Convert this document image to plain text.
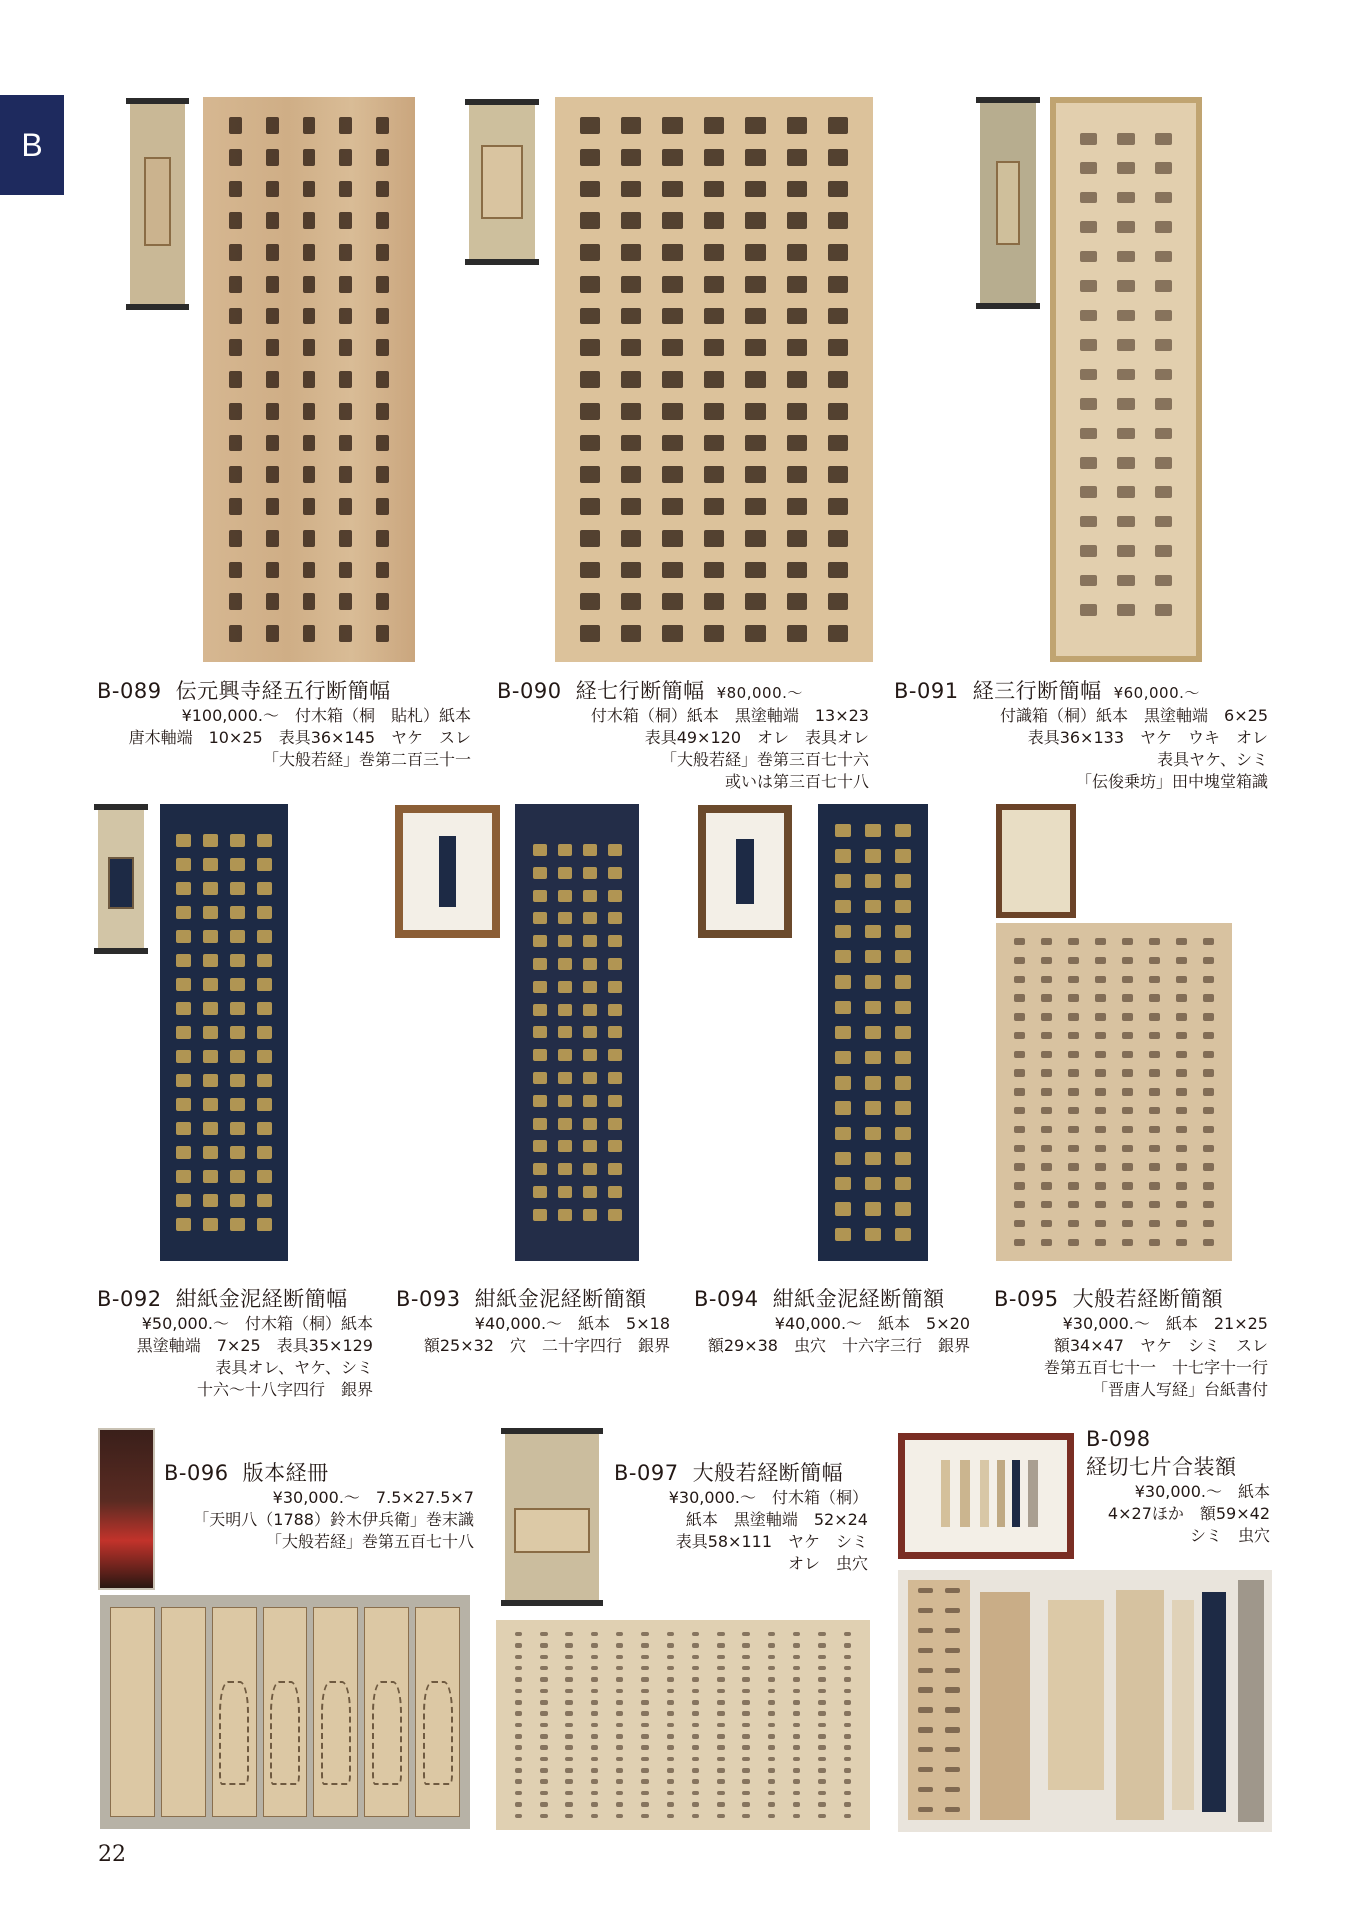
B
22
B-089 伝元興寺経五行断簡幅
¥100,000.〜　付木箱（桐　貼札）紙本
唐木軸端　10×25　表具36×145　ヤケ　スレ
「大般若経」巻第二百三十一
B-090 経七行断簡幅 ¥80,000.〜
付木箱（桐）紙本　黒塗軸端　13×23
表具49×120　オレ　表具オレ
「大般若経」巻第三百七十六
或いは第三百七十八
B-091 経三行断簡幅 ¥60,000.〜
付識箱（桐）紙本　黒塗軸端　6×25
表具36×133　ヤケ　ウキ　オレ
表具ヤケ、シミ
「伝俊乗坊」田中塊堂箱識
B-092 紺紙金泥経断簡幅
¥50,000.〜　付木箱（桐）紙本
黒塗軸端　7×25　表具35×129
表具オレ、ヤケ、シミ
十六〜十八字四行　銀界
B-093 紺紙金泥経断簡額
¥40,000.〜　紙本　5×18
額25×32　穴　二十字四行　銀界
B-094 紺紙金泥経断簡額
¥40,000.〜　紙本　5×20
額29×38　虫穴　十六字三行　銀界
B-095 大般若経断簡額
¥30,000.〜　紙本　21×25
額34×47　ヤケ　シミ　スレ
巻第五百七十一　十七字十一行
「晋唐人写経」台紙書付
B-096 版本経冊
¥30,000.〜　7.5×27.5×7
「天明八（1788）鈴木伊兵衛」巻末識
「大般若経」巻第五百七十八
B-097 大般若経断簡幅
¥30,000.〜　付木箱（桐）
紙本　黒塗軸端　52×24
表具58×111　ヤケ　シミ
オレ　虫穴
B-098
経切七片合装額
¥30,000.〜　紙本
4×27ほか　額59×42
シミ　虫穴
